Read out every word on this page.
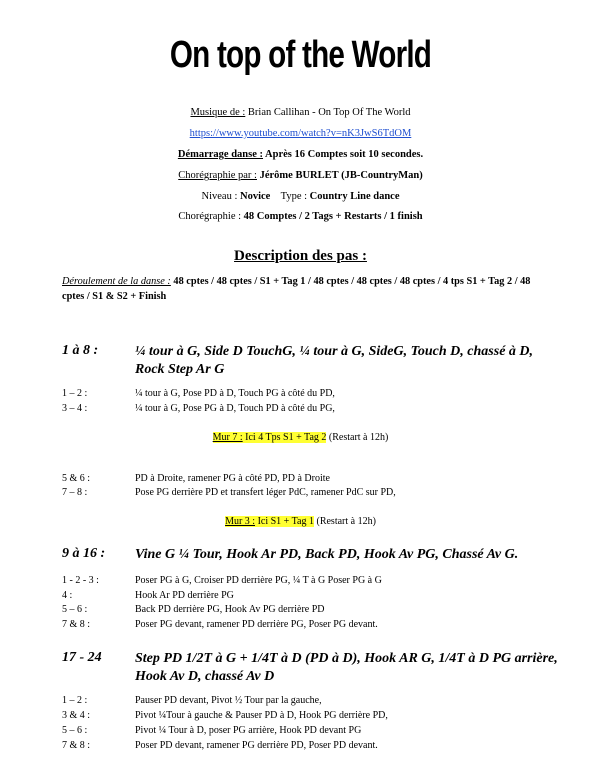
On top of the World
Musique de : Brian Callihan - On Top Of The World
https://www.youtube.com/watch?v=nK3JwS6TdOM
Démarrage danse : Après 16 Comptes soit 10 secondes.
Chorégraphie par : Jérôme BURLET (JB-CountryMan)
Niveau : Novice    Type : Country Line dance
Chorégraphie : 48 Comptes / 2 Tags + Restarts / 1 finish
Description des pas :
Déroulement de la danse : 48 cptes / 48 cptes / S1 + Tag 1 / 48 cptes / 48 cptes / 48 cptes / 4 tps S1 + Tag 2 / 48 cptes / S1 & S2 + Finish
1 à 8 :	¼ tour à G, Side D TouchG, ¼ tour à G, SideG, Touch D, chassé à D, Rock Step Ar G
1 – 2 :	¼ tour à G, Pose PD à D, Touch PG à côté du PD,
3 – 4 :	¼ tour à G, Pose PG à D, Touch PD à côté du PG,
Mur 7 : Ici 4 Tps S1 + Tag 2 (Restart à 12h)
5 & 6 :	PD à Droite, ramener PG à côté PD, PD à Droite
7 – 8 :	Pose PG derrière PD et transfert léger PdC, ramener PdC sur PD,
Mur 3 : Ici S1 + Tag 1 (Restart à 12h)
9 à 16 : Vine G ¼ Tour, Hook Ar PD, Back PD, Hook Av PG, Chassé Av G.
1 - 2 - 3 :	Poser PG à G, Croiser PD derrière PG, ¼ T à G Poser PG à G
4 :	Hook Ar PD derrière PG
5 – 6 :	Back PD derrière PG, Hook Av PG derrière PD
7 & 8 :	Poser PG devant, ramener PD derrière PG, Poser PG devant.
17 - 24 Step PD 1/2T à G + 1/4T à D (PD à D), Hook AR G, 1/4T à D PG arrière, Hook Av D, chassé Av D
1 – 2 :	Pauser PD devant, Pivot ½ Tour par la gauche,
3 & 4 :	Pivot ¼Tour à gauche & Pauser PD à D, Hook PG derrière PD,
5 – 6 :	Pivot ¼ Tour à D, poser PG arrière, Hook PD devant PG
7 & 8 :	Poser PD devant, ramener PG derrière PD, Poser PD devant.
